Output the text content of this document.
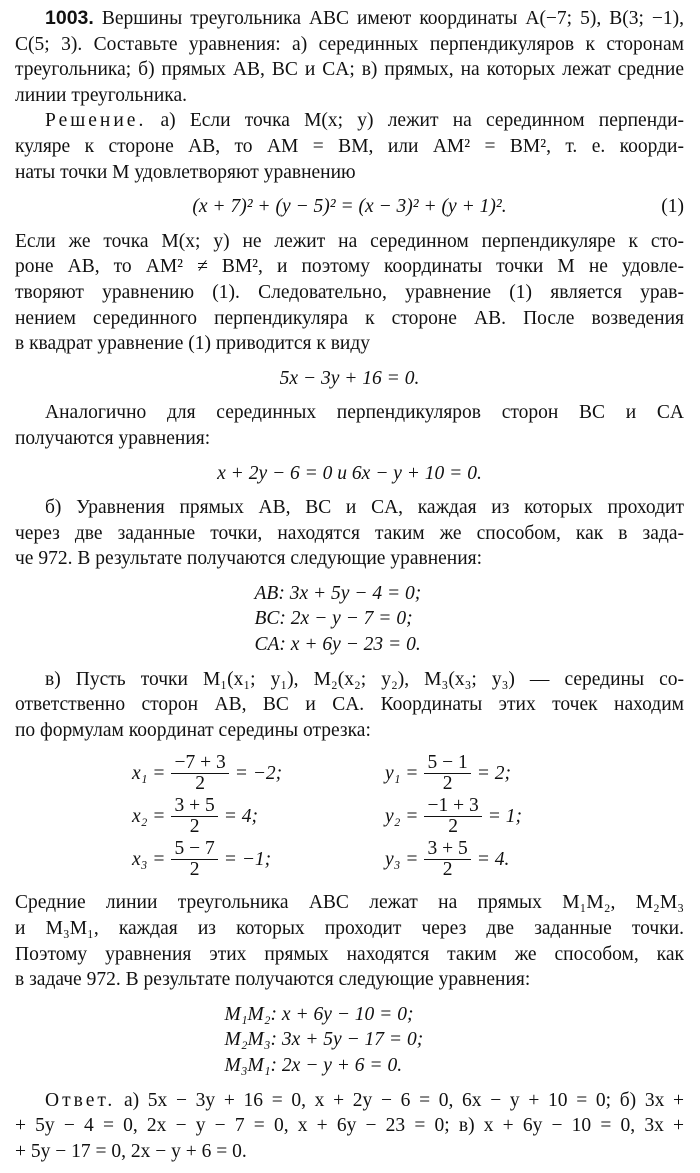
1003. Вершины треугольника ABC имеют координаты A(−7; 5), B(3; −1),
C(5; 3). Составьте уравнения: а) серединных перпендикуляров к сторонам
треугольника; б) прямых AB, BC и CA; в) прямых, на которых лежат средние
линии треугольника.
Решение. а) Если точка M(x; y) лежит на серединном перпенди-
куляре к стороне AB, то AM = BM, или AM² = BM², т. е. коорди-
наты точки M удовлетворяют уравнению
(x + 7)² + (y − 5)² = (x − 3)² + (y + 1)².	(1)
Если же точка M(x; y) не лежит на серединном перпендикуляре к сто-
роне AB, то AM² ≠ BM², и поэтому координаты точки M не удовле-
творяют уравнению (1). Следовательно, уравнение (1) является урав-
нением серединного перпендикуляра к стороне AB. После возведения
в квадрат уравнение (1) приводится к виду
5x − 3y + 16 = 0.
Аналогично для серединных перпендикуляров сторон BC и CA
получаются уравнения:
x + 2y − 6 = 0 и 6x − y + 10 = 0.
б) Уравнения прямых AB, BC и CA, каждая из которых проходит
через две заданные точки, находятся таким же способом, как в зада-
че 972. В результате получаются следующие уравнения:
AB: 3x + 5y − 4 = 0;
BC: 2x − y − 7 = 0;
CA: x + 6y − 23 = 0.
в) Пусть точки M₁(x₁; y₁), M₂(x₂; y₂), M₃(x₃; y₃) — середины со-
ответственно сторон AB, BC и CA. Координаты этих точек находим
по формулам координат середины отрезка:
$x_1 = \frac{-7 + 3}{2} = -2$;	$y_1 = \frac{5 - 1}{2} = 2$;
$x_2 = \frac{3 + 5}{2} = 4$;	$y_2 = \frac{-1 + 3}{2} = 1$;
$x_3 = \frac{5 - 7}{2} = -1$;	$y_3 = \frac{3 + 5}{2} = 4$.
Средние линии треугольника ABC лежат на прямых M₁M₂, M₂M₃
и M₃M₁, каждая из которых проходит через две заданные точки.
Поэтому уравнения этих прямых находятся таким же способом, как
в задаче 972. В результате получаются следующие уравнения:
M₁M₂: x + 6y − 10 = 0;
M₂M₃: 3x + 5y − 17 = 0;
M₃M₁: 2x − y + 6 = 0.
Ответ. а) 5x − 3y + 16 = 0, x + 2y − 6 = 0, 6x − y + 10 = 0; б) 3x +
+ 5y − 4 = 0, 2x − y − 7 = 0, x + 6y − 23 = 0; в) x + 6y − 10 = 0, 3x +
+ 5y − 17 = 0, 2x − y + 6 = 0.
